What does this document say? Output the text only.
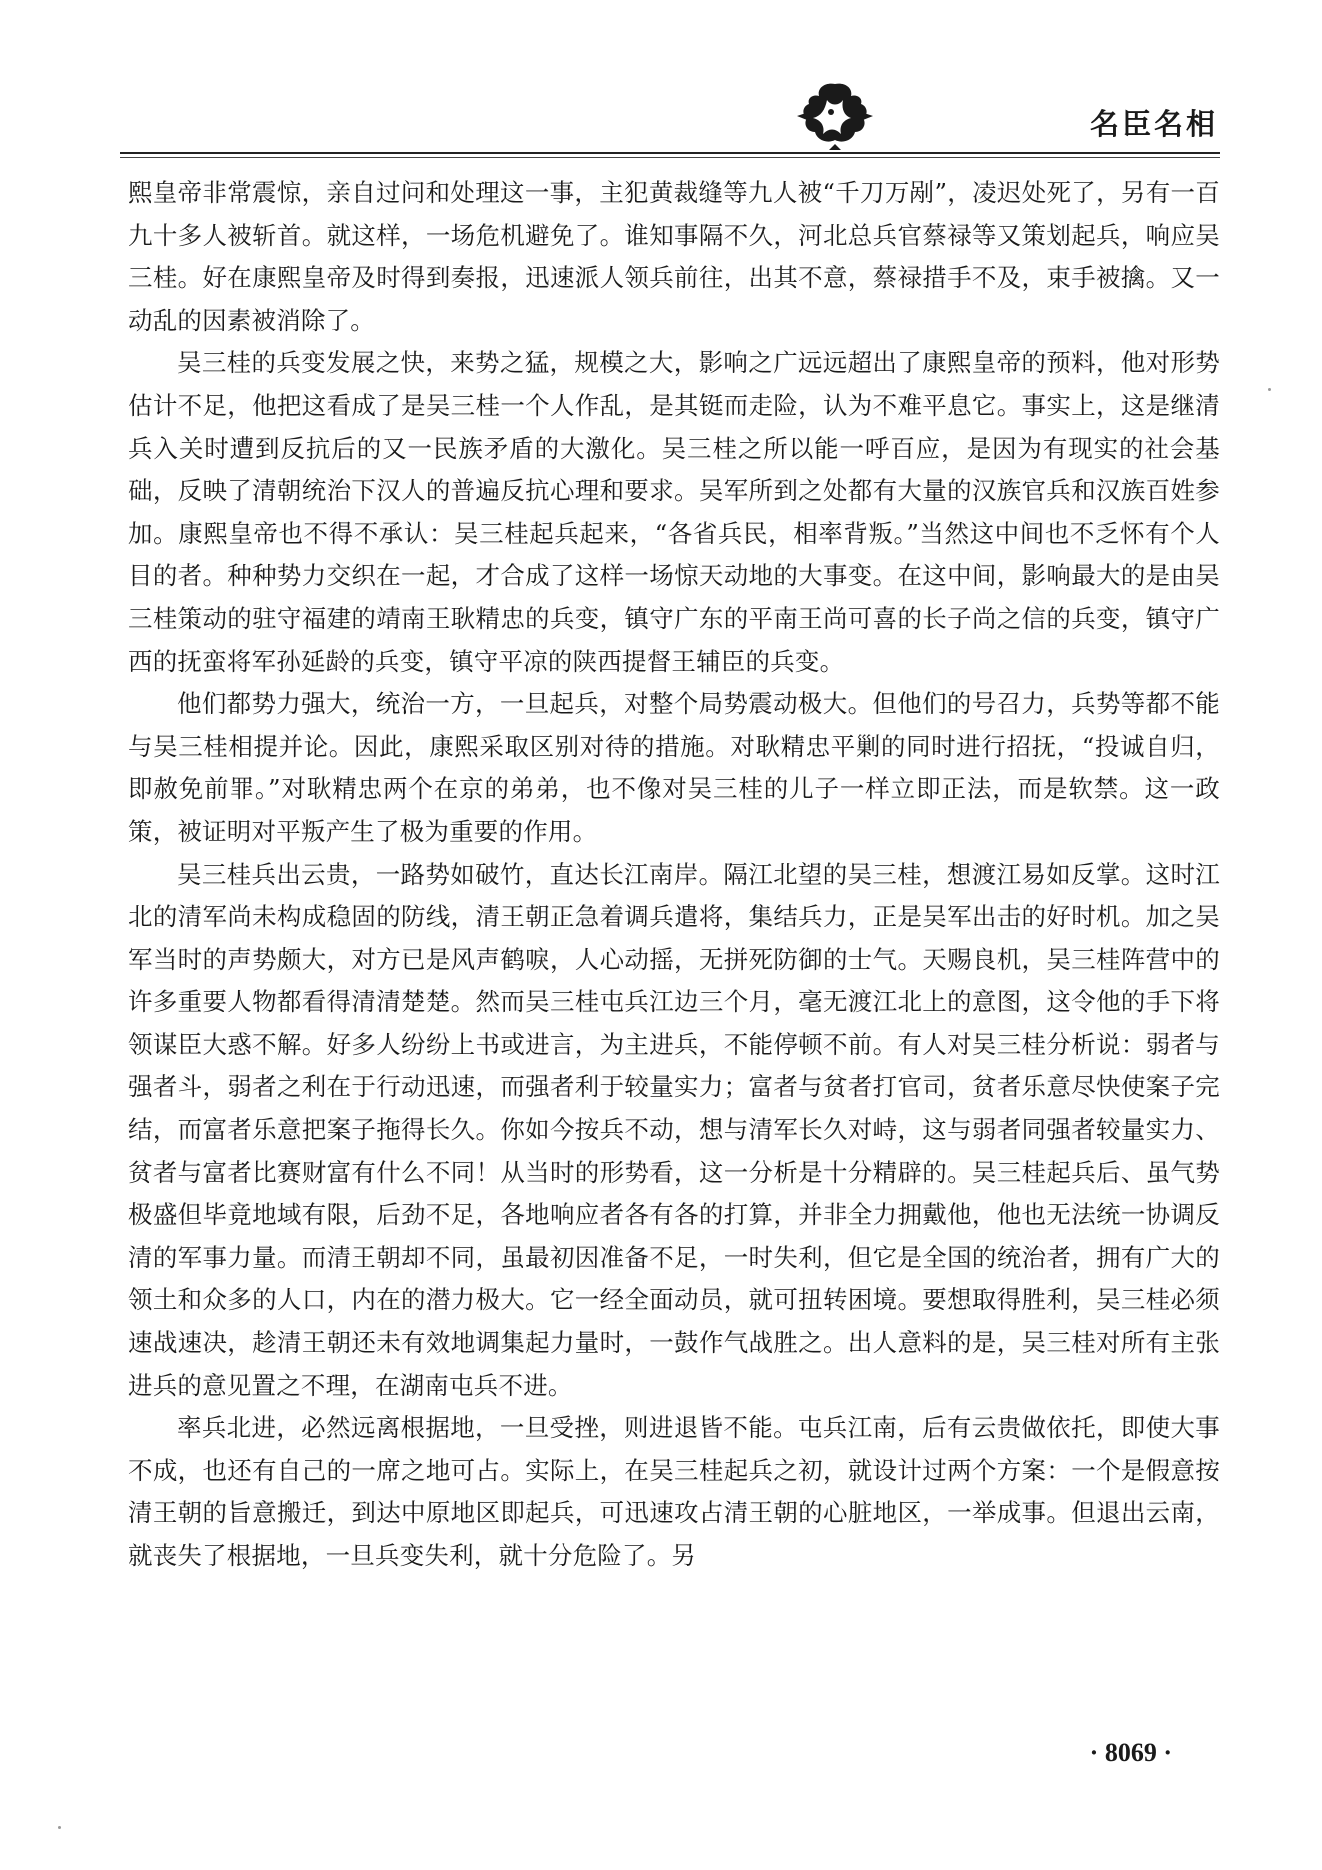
名臣名相

熙皇帝非常震惊，亲自过问和处理这一事，主犯黄裁缝等九人被“千刀万剐”，凌迟处死了，另有一百九十多人被斩首。就这样，一场危机避免了。谁知事隔不久，河北总兵官蔡禄等又策划起兵，响应吴三桂。好在康熙皇帝及时得到奏报，迅速派人领兵前往，出其不意，蔡禄措手不及，束手被擒。又一动乱的因素被消除了。

吴三桂的兵变发展之快，来势之猛，规模之大，影响之广远远超出了康熙皇帝的预料，他对形势估计不足，他把这看成了是吴三桂一个人作乱，是其铤而走险，认为不难平息它。事实上，这是继清兵入关时遭到反抗后的又一民族矛盾的大激化。吴三桂之所以能一呼百应，是因为有现实的社会基础，反映了清朝统治下汉人的普遍反抗心理和要求。吴军所到之处都有大量的汉族官兵和汉族百姓参加。康熙皇帝也不得不承认：吴三桂起兵起来，“各省兵民，相率背叛。”当然这中间也不乏怀有个人目的者。种种势力交织在一起，才合成了这样一场惊天动地的大事变。在这中间，影响最大的是由吴三桂策动的驻守福建的靖南王耿精忠的兵变，镇守广东的平南王尚可喜的长子尚之信的兵变，镇守广西的抚蛮将军孙延龄的兵变，镇守平凉的陕西提督王辅臣的兵变。

他们都势力强大，统治一方，一旦起兵，对整个局势震动极大。但他们的号召力，兵势等都不能与吴三桂相提并论。因此，康熙采取区别对待的措施。对耿精忠平剿的同时进行招抚，“投诚自归，即赦免前罪。”对耿精忠两个在京的弟弟，也不像对吴三桂的儿子一样立即正法，而是软禁。这一政策，被证明对平叛产生了极为重要的作用。

吴三桂兵出云贵，一路势如破竹，直达长江南岸。隔江北望的吴三桂，想渡江易如反掌。这时江北的清军尚未构成稳固的防线，清王朝正急着调兵遣将，集结兵力，正是吴军出击的好时机。加之吴军当时的声势颇大，对方已是风声鹤唳，人心动摇，无拼死防御的士气。天赐良机，吴三桂阵营中的许多重要人物都看得清清楚楚。然而吴三桂屯兵江边三个月，毫无渡江北上的意图，这令他的手下将领谋臣大惑不解。好多人纷纷上书或进言，为主进兵，不能停顿不前。有人对吴三桂分析说：弱者与强者斗，弱者之利在于行动迅速，而强者利于较量实力；富者与贫者打官司，贫者乐意尽快使案子完结，而富者乐意把案子拖得长久。你如今按兵不动，想与清军长久对峙，这与弱者同强者较量实力、贫者与富者比赛财富有什么不同！从当时的形势看，这一分析是十分精辟的。吴三桂起兵后、虽气势极盛但毕竟地域有限，后劲不足，各地响应者各有各的打算，并非全力拥戴他，他也无法统一协调反清的军事力量。而清王朝却不同，虽最初因准备不足，一时失利，但它是全国的统治者，拥有广大的领土和众多的人口，内在的潜力极大。它一经全面动员，就可扭转困境。要想取得胜利，吴三桂必须速战速决，趁清王朝还未有效地调集起力量时，一鼓作气战胜之。出人意料的是，吴三桂对所有主张进兵的意见置之不理，在湖南屯兵不进。

率兵北进，必然远离根据地，一旦受挫，则进退皆不能。屯兵江南，后有云贵做依托，即使大事不成，也还有自己的一席之地可占。实际上，在吴三桂起兵之初，就设计过两个方案：一个是假意按清王朝的旨意搬迁，到达中原地区即起兵，可迅速攻占清王朝的心脏地区，一举成事。但退出云南，就丧失了根据地，一旦兵变失利，就十分危险了。另

· 8069 ·
